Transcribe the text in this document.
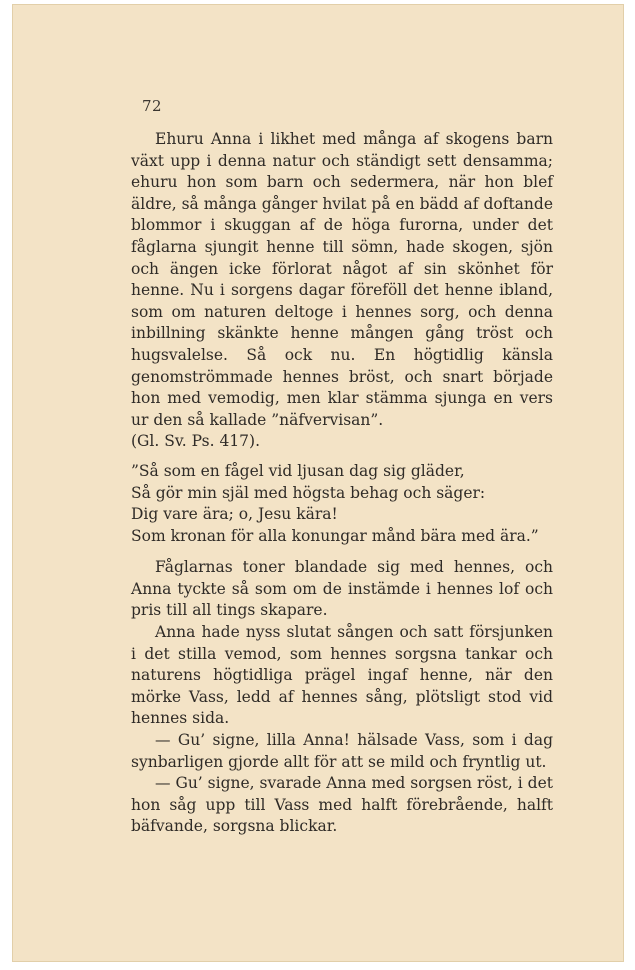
72

Ehuru Anna i likhet med många af skogens barn växt upp i denna natur och ständigt sett densamma; ehuru hon som barn och sedermera, när hon blef äldre, så många gånger hvilat på en bädd af doftande blommor i skuggan af de höga furorna, under det fåglarna sjungit henne till sömn, hade skogen, sjön och ängen icke förlorat något af sin skönhet för henne. Nu i sorgens dagar föreföll det henne ibland, som om naturen deltoge i hennes sorg, och denna inbillning skänkte henne mången gång tröst och hugsvalelse. Så ock nu. En högtidlig känsla genomströmmade hennes bröst, och snart började hon med vemodig, men klar stämma sjunga en vers ur den så kallade ”näfvervisan”.
(Gl. Sv. Ps. 417).

”Så som en fågel vid ljusan dag sig gläder,
Så gör min själ med högsta behag och säger:
Dig vare ära; o, Jesu kära!
Som kronan för alla konungar månd bära med ära.”

Fåglarnas toner blandade sig med hennes, och Anna tyckte så som om de instämde i hennes lof och pris till all tings skapare.

Anna hade nyss slutat sången och satt försjunken i det stilla vemod, som hennes sorgsna tankar och naturens högtidliga prägel ingaf henne, när den mörke Vass, ledd af hennes sång, plötsligt stod vid hennes sida.

— Gu’ signe, lilla Anna! hälsade Vass, som i dag synbarligen gjorde allt för att se mild och fryntlig ut.

— Gu’ signe, svarade Anna med sorgsen röst, i det hon såg upp till Vass med halft förebrående, halft bäfvande, sorgsna blickar.
